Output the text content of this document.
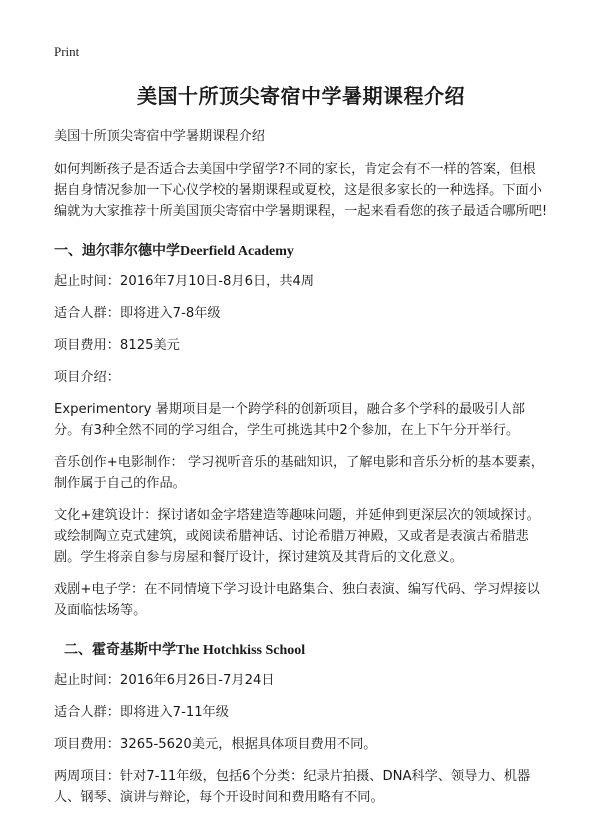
Print
美国十所顶尖寄宿中学暑期课程介绍

美国十所顶尖寄宿中学暑期课程介绍

如何判断孩子是否适合去美国中学留学?不同的家长，肯定会有不一样的答案，但根据自身情况参加一下心仪学校的暑期课程或夏校，这是很多家长的一种选择。下面小编就为大家推荐十所美国顶尖寄宿中学暑期课程，一起来看看您的孩子最适合哪所吧!

一、迪尔菲尔德中学Deerfield Academy

起止时间：2016年7月10日-8月6日，共4周

适合人群：即将进入7-8年级

项目费用：8125美元

项目介绍：

Experimentory 暑期项目是一个跨学科的创新项目，融合多个学科的最吸引人部分。有3种全然不同的学习组合，学生可挑选其中2个参加，在上下午分开举行。

音乐创作+电影制作： 学习视听音乐的基础知识，了解电影和音乐分析的基本要素，制作属于自己的作品。

文化+建筑设计：探讨诸如金字塔建造等趣味问题，并延伸到更深层次的领域探讨。或绘制陶立克式建筑，或阅读希腊神话、讨论希腊万神殿，又或者是表演古希腊悲剧。学生将亲自参与房屋和餐厅设计，探讨建筑及其背后的文化意义。

戏剧+电子学：在不同情境下学习设计电路集合、独白表演、编写代码、学习焊接以及面临怯场等。

二、霍奇基斯中学The Hotchkiss School

起止时间：2016年6月26日-7月24日

适合人群：即将进入7-11年级

项目费用：3265-5620美元，根据具体项目费用不同。

两周项目：针对7-11年级，包括6个分类：纪录片拍摄、DNA科学、领导力、机器人、钢琴、演讲与辩论，每个开设时间和费用略有不同。
